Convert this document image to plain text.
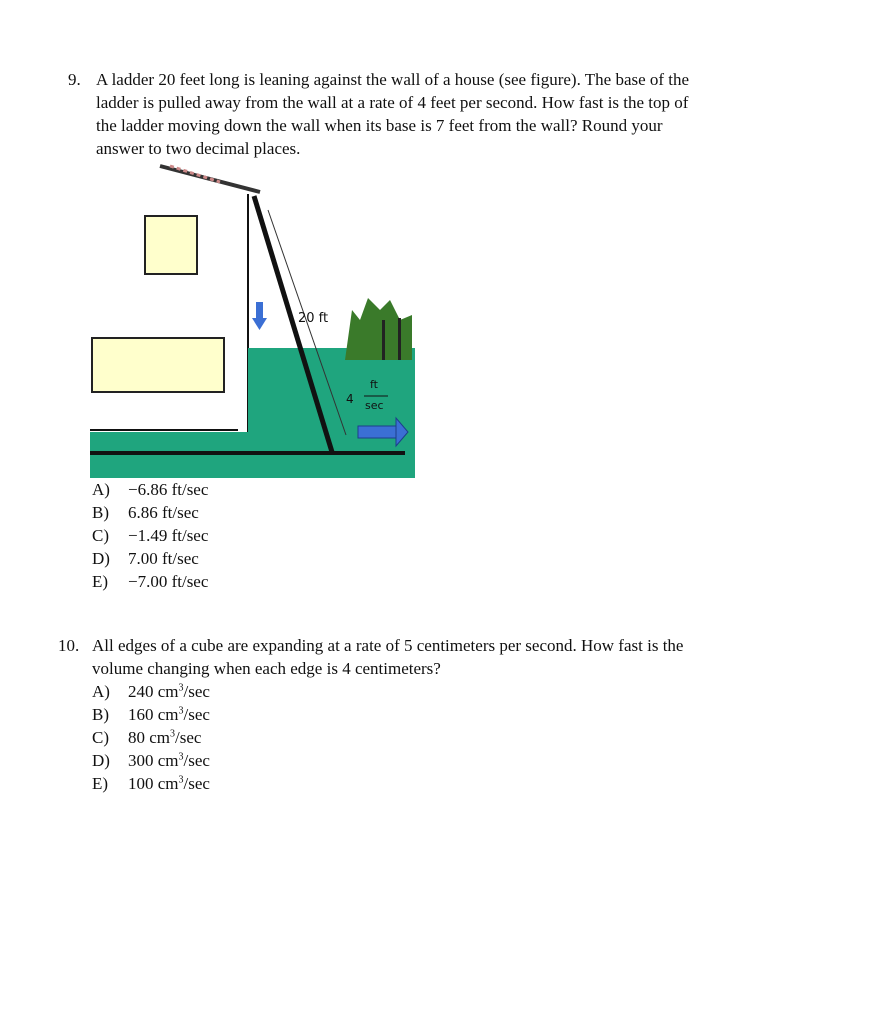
9. A ladder 20 feet long is leaning against the wall of a house (see figure). The base of the
ladder is pulled away from the wall at a rate of 4 feet per second. How fast is the top of
the ladder moving down the wall when its base is 7 feet from the wall? Round your
answer to two decimal places.
20 ft
4
ft
sec
A) −6.86 ft/sec
B) 6.86 ft/sec
C) −1.49 ft/sec
D) 7.00 ft/sec
E) −7.00 ft/sec
10. All edges of a cube are expanding at a rate of 5 centimeters per second. How fast is the
volume changing when each edge is 4 centimeters?
A) 240 $cm^3/\sec$
B) 160 $cm^3/\sec$
C) 80 $cm^3/\sec$
D) 300 $cm^3/\sec$
E) 100 $cm^3/\sec$
